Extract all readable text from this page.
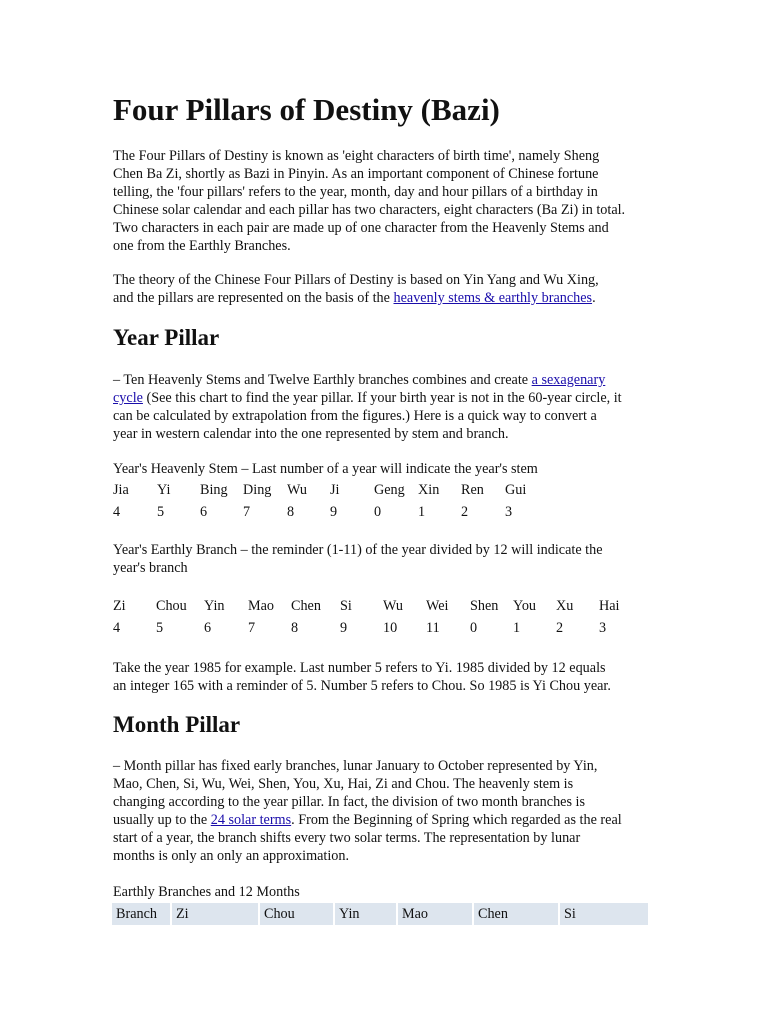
Four Pillars of Destiny (Bazi)
The Four Pillars of Destiny is known as 'eight characters of birth time', namely Sheng
Chen Ba Zi, shortly as Bazi in Pinyin. As an important component of Chinese fortune
telling, the 'four pillars' refers to the year, month, day and hour pillars of a birthday in
Chinese solar calendar and each pillar has two characters, eight characters (Ba Zi) in total.
Two characters in each pair are made up of one character from the Heavenly Stems and
one from the Earthly Branches.
The theory of the Chinese Four Pillars of Destiny is based on Yin Yang and Wu Xing,
and the pillars are represented on the basis of the heavenly stems & earthly branches.
Year Pillar
– Ten Heavenly Stems and Twelve Earthly branches combines and create a sexagenary
cycle (See this chart to find the year pillar. If your birth year is not in the 60-year circle, it
can be calculated by extrapolation from the figures.) Here is a quick way to convert a
year in western calendar into the one represented by stem and branch.
Year's Heavenly Stem – Last number of a year will indicate the year's stem
Jia Yi Bing Ding Wu Ji Geng Xin Ren Gui
4	5	6	7	8	9	0	1	2	3
Year's Earthly Branch – the reminder (1-11) of the year divided by 12 will indicate the
year's branch
Zi Chou Yin Mao Chen Si Wu Wei Shen You Xu Hai
4	5	6	7	8	9	10 11 0	1	2	3
Take the year 1985 for example. Last number 5 refers to Yi. 1985 divided by 12 equals
an integer 165 with a reminder of 5. Number 5 refers to Chou. So 1985 is Yi Chou year.
Month Pillar
– Month pillar has fixed early branches, lunar January to October represented by Yin,
Mao, Chen, Si, Wu, Wei, Shen, You, Xu, Hai, Zi and Chou. The heavenly stem is
changing according to the year pillar. In fact, the division of two month branches is
usually up to the 24 solar terms. From the Beginning of Spring which regarded as the real
start of a year, the branch shifts every two solar terms. The representation by lunar
months is only an only an approximation.
Earthly Branches and 12 Months
Branch	Zi	Chou	Yin	Mao	Chen	Si
